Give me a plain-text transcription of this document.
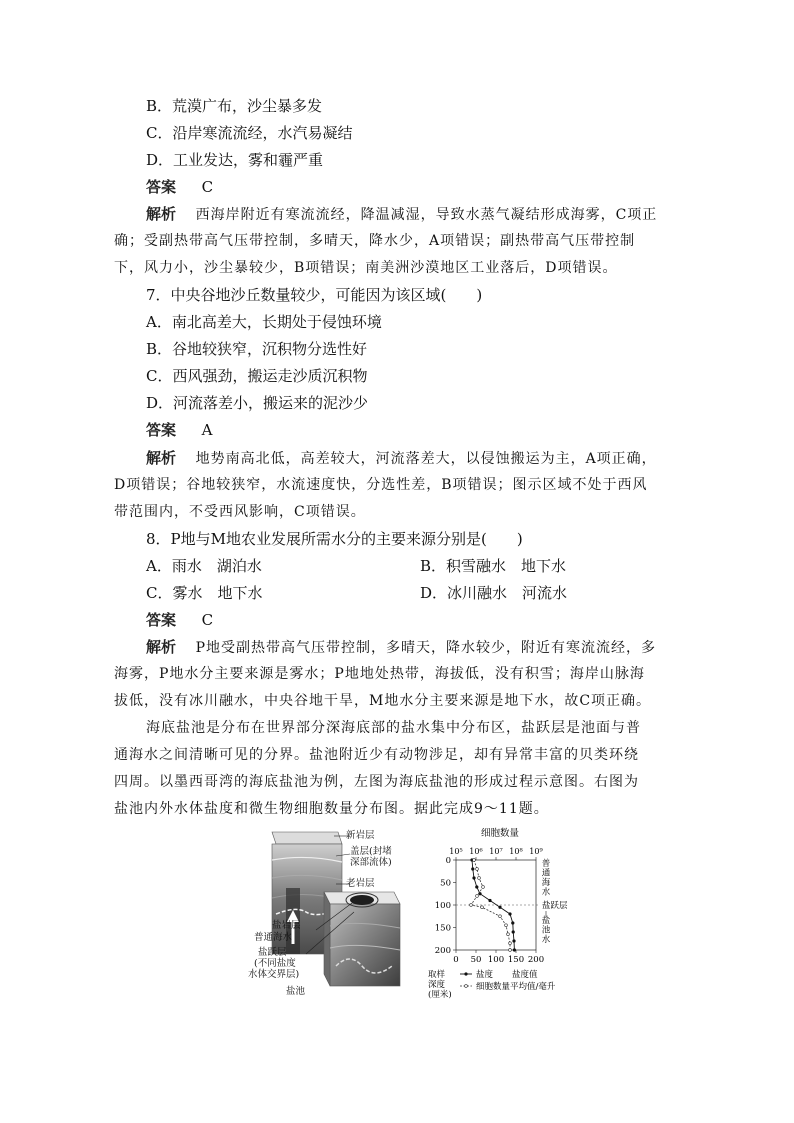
B．荒漠广布，沙尘暴多发
C．沿岸寒流流经，水汽易凝结
D．工业发达，雾和霾严重
答案 C
解析 西海岸附近有寒流流经，降温减湿，导致水蒸气凝结形成海雾，C项正
确；受副热带高气压带控制，多晴天，降水少，A项错误；副热带高气压带控制
下，风力小，沙尘暴较少，B项错误；南美洲沙漠地区工业落后，D项错误。
7．中央谷地沙丘数量较少，可能因为该区域(　　)
A．南北高差大，长期处于侵蚀环境
B．谷地较狭窄，沉积物分选性好
C．西风强劲，搬运走沙质沉积物
D．河流落差小，搬运来的泥沙少
答案 A
解析 地势南高北低，高差较大，河流落差大，以侵蚀搬运为主，A项正确，
D项错误；谷地较狭窄，水流速度快，分选性差，B项错误；图示区域不处于西风
带范围内，不受西风影响，C项错误。
8．P地与M地农业发展所需水分的主要来源分别是(　　)
A．雨水　湖泊水	B．积雪融水　地下水
C．雾水　地下水	D．冰川融水　河流水
答案 C
解析 P地受副热带高气压带控制，多晴天，降水较少，附近有寒流流经，多
海雾，P地水分主要来源是雾水；P地地处热带，海拔低，没有积雪；海岸山脉海
拔低，没有冰川融水，中央谷地干旱，M地水分主要来源是地下水，故C项正确。
海底盐池是分布在世界部分深海底部的盐水集中分布区，盐跃层是池面与普
通海水之间清晰可见的分界。盐池附近少有动物涉足，却有异常丰富的贝类环绕
四周。以墨西哥湾的海底盐池为例，左图为海底盐池的形成过程示意图。右图为
盐池内外水体盐度和微生物细胞数量分布图。据此完成9～11题。
新岩层
盖层(封堵
深部流体)
老岩层
盐岩层
普通海水
盐跃层
(不同盐度
水体交界层)
盐池
细胞数量
10⁵ 10⁶ 10⁷ 10⁸ 10⁹
0
50
100
150
200
0 50 100 150 200
普
通
海
水
盐跃层
盐
池
水
盐度 盐度值
细胞数量平均值/毫升
取样
深度
(厘米)
